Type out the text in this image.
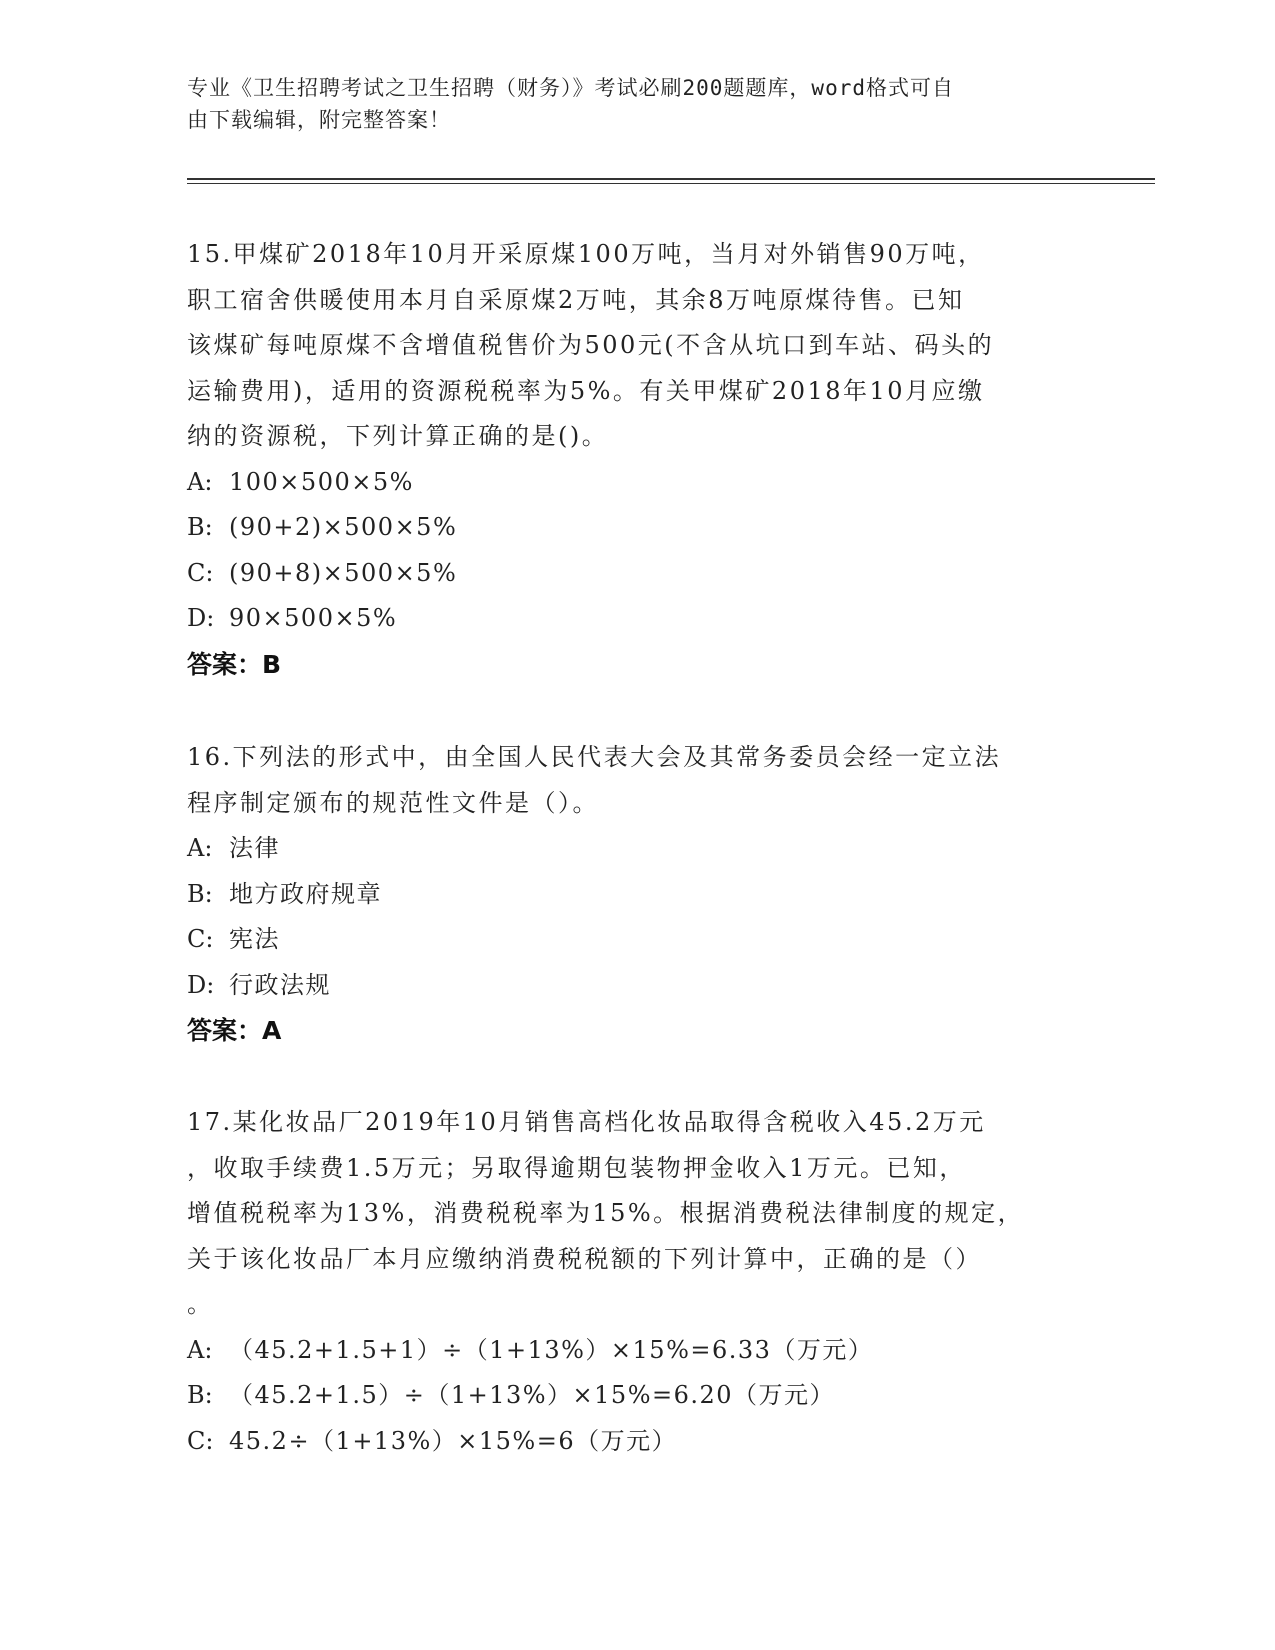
专业《卫生招聘考试之卫生招聘（财务）》考试必刷200题题库，word格式可自
由下载编辑，附完整答案！

15.甲煤矿2018年10月开采原煤100万吨，当月对外销售90万吨，

职工宿舍供暖使用本月自采原煤2万吨，其余8万吨原煤待售。已知

该煤矿每吨原煤不含增值税售价为500元(不含从坑口到车站、码头的

运输费用)，适用的资源税税率为5%。有关甲煤矿2018年10月应缴

纳的资源税，下列计算正确的是()。

A: 100×500×5%

B: (90+2)×500×5%

C: (90+8)×500×5%

D: 90×500×5%

答案：B

16.下列法的形式中，由全国人民代表大会及其常务委员会经一定立法

程序制定颁布的规范性文件是（）。

A: 法律

B: 地方政府规章

C: 宪法

D: 行政法规

答案：A

17.某化妆品厂2019年10月销售高档化妆品取得含税收入45.2万元

，收取手续费1.5万元；另取得逾期包装物押金收入1万元。已知，

增值税税率为13%，消费税税率为15%。根据消费税法律制度的规定，

关于该化妆品厂本月应缴纳消费税税额的下列计算中，正确的是（）

。

A: （45.2+1.5+1）÷（1+13%）×15%=6.33（万元）

B: （45.2+1.5）÷（1+13%）×15%=6.20（万元）

C: 45.2÷（1+13%）×15%=6（万元）
